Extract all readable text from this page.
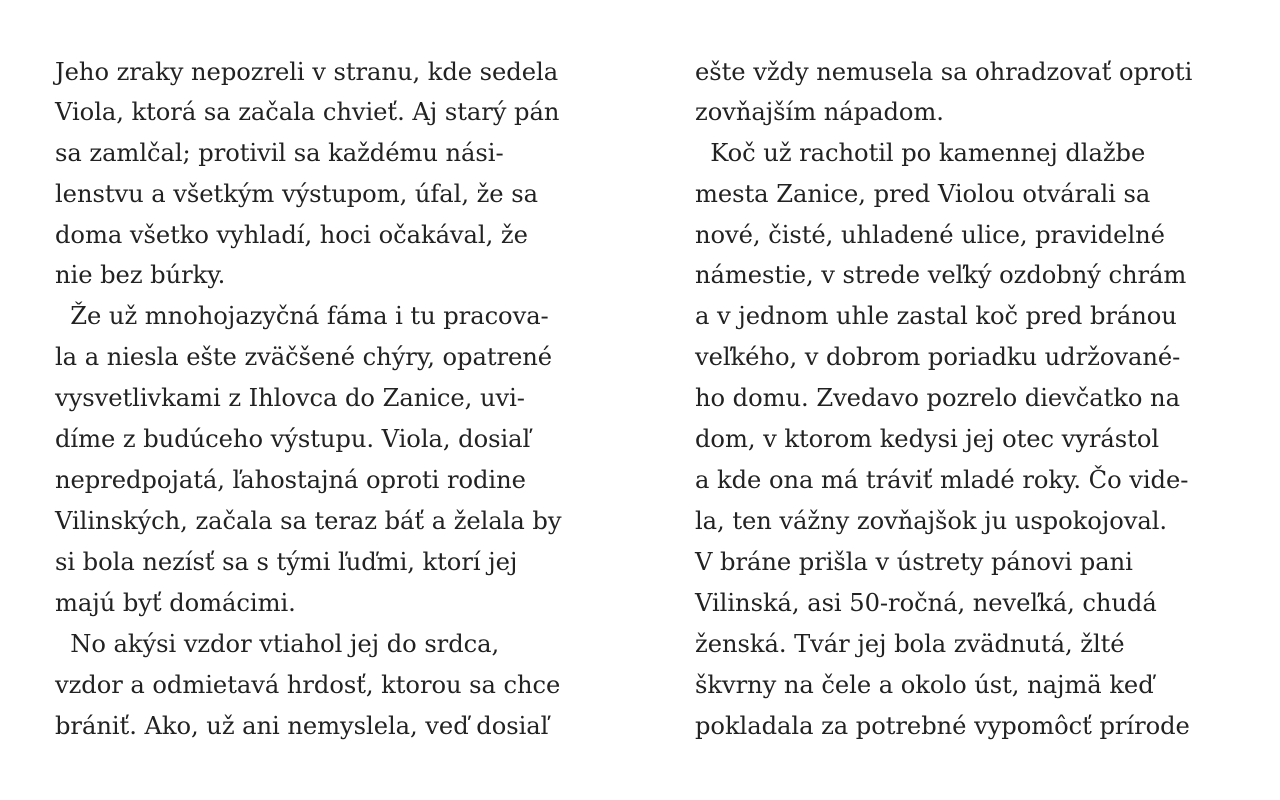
Jeho zraky nepozreli v stranu, kde sedela
Viola, ktorá sa začala chvieť. Aj starý pán
sa zamlčal; protivil sa každému nási-
lenstvu a všetkým výstupom, úfal, že sa
doma všetko vyhladí, hoci očakával, že
nie bez búrky.
Že už mnohojazyčná fáma i tu pracova-
la a niesla ešte zväčšené chýry, opatrené
vysvetlivkami z Ihlovca do Zanice, uvi-
díme z budúceho výstupu. Viola, dosiaľ
nepredpojatá, ľahostajná oproti rodine
Vilinských, začala sa teraz báť a želala by
si bola nezísť sa s tými ľuďmi, ktorí jej
majú byť domácimi.
No akýsi vzdor vtiahol jej do srdca,
vzdor a odmietavá hrdosť, ktorou sa chce
brániť. Ako, už ani nemyslela, veď dosiaľ
ešte vždy nemusela sa ohradzovať oproti
zovňajším nápadom.
Koč už rachotil po kamennej dlažbe
mesta Zanice, pred Violou otvárali sa
nové, čisté, uhladené ulice, pravidelné
námestie, v strede veľký ozdobný chrám
a v jednom uhle zastal koč pred bránou
veľkého, v dobrom poriadku udržované-
ho domu. Zvedavo pozrelo dievčatko na
dom, v ktorom kedysi jej otec vyrástol
a kde ona má tráviť mladé roky. Čo vide-
la, ten vážny zovňajšok ju uspokojoval.
V bráne prišla v ústrety pánovi pani
Vilinská, asi 50-ročná, neveľká, chudá
ženská. Tvár jej bola zvädnutá, žlté
škvrny na čele a okolo úst, najmä keď
pokladala za potrebné vypomôcť prírode
